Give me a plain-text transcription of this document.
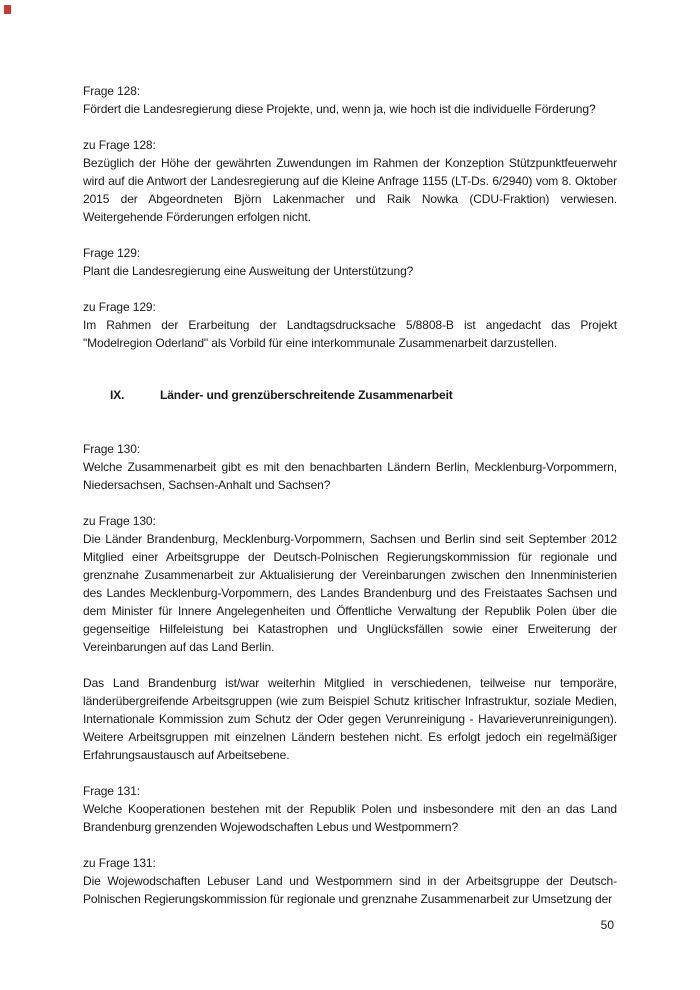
Frage 128:
Fördert die Landesregierung diese Projekte, und, wenn ja, wie hoch ist die individuelle Förderung?
zu Frage 128:
Bezüglich der Höhe der gewährten Zuwendungen im Rahmen der Konzeption Stützpunktfeuerwehr wird auf die Antwort der Landesregierung auf die Kleine Anfrage 1155 (LT-Ds. 6/2940) vom 8. Oktober 2015 der Abgeordneten Björn Lakenmacher und Raik Nowka (CDU-Fraktion) verwiesen. Weitergehende Förderungen erfolgen nicht.
Frage 129:
Plant die Landesregierung eine Ausweitung der Unterstützung?
zu Frage 129:
Im Rahmen der Erarbeitung der Landtagsdrucksache 5/8808-B ist angedacht das Projekt "Modelregion Oderland" als Vorbild für eine interkommunale Zusammenarbeit darzustellen.
IX.	Länder- und grenzüberschreitende Zusammenarbeit
Frage 130:
Welche Zusammenarbeit gibt es mit den benachbarten Ländern Berlin, Mecklenburg-Vorpommern, Niedersachsen, Sachsen-Anhalt und Sachsen?
zu Frage 130:
Die Länder Brandenburg, Mecklenburg-Vorpommern, Sachsen und Berlin sind seit September 2012 Mitglied einer Arbeitsgruppe der Deutsch-Polnischen Regierungskommission für regionale und grenznahe Zusammenarbeit zur Aktualisierung der Vereinbarungen zwischen den Innenministerien des Landes Mecklenburg-Vorpommern, des Landes Brandenburg und des Freistaates Sachsen und dem Minister für Innere Angelegenheiten und Öffentliche Verwaltung der Republik Polen über die gegenseitige Hilfeleistung bei Katastrophen und Unglücksfällen sowie einer Erweiterung der Vereinbarungen auf das Land Berlin.
Das Land Brandenburg ist/war weiterhin Mitglied in verschiedenen, teilweise nur temporäre, länderübergreifende Arbeitsgruppen (wie zum Beispiel Schutz kritischer Infrastruktur, soziale Medien, Internationale Kommission zum Schutz der Oder gegen Verunreinigung - Havarieverunreinigungen). Weitere Arbeitsgruppen mit einzelnen Ländern bestehen nicht. Es erfolgt jedoch ein regelmäßiger Erfahrungsaustausch auf Arbeitsebene.
Frage 131:
Welche Kooperationen bestehen mit der Republik Polen und insbesondere mit den an das Land Brandenburg grenzenden Wojewodschaften Lebus und Westpommern?
zu Frage 131:
Die Wojewodschaften Lebuser Land und Westpommern sind in der Arbeitsgruppe der Deutsch-Polnischen Regierungskommission für regionale und grenznahe Zusammenarbeit zur Umsetzung der
50
